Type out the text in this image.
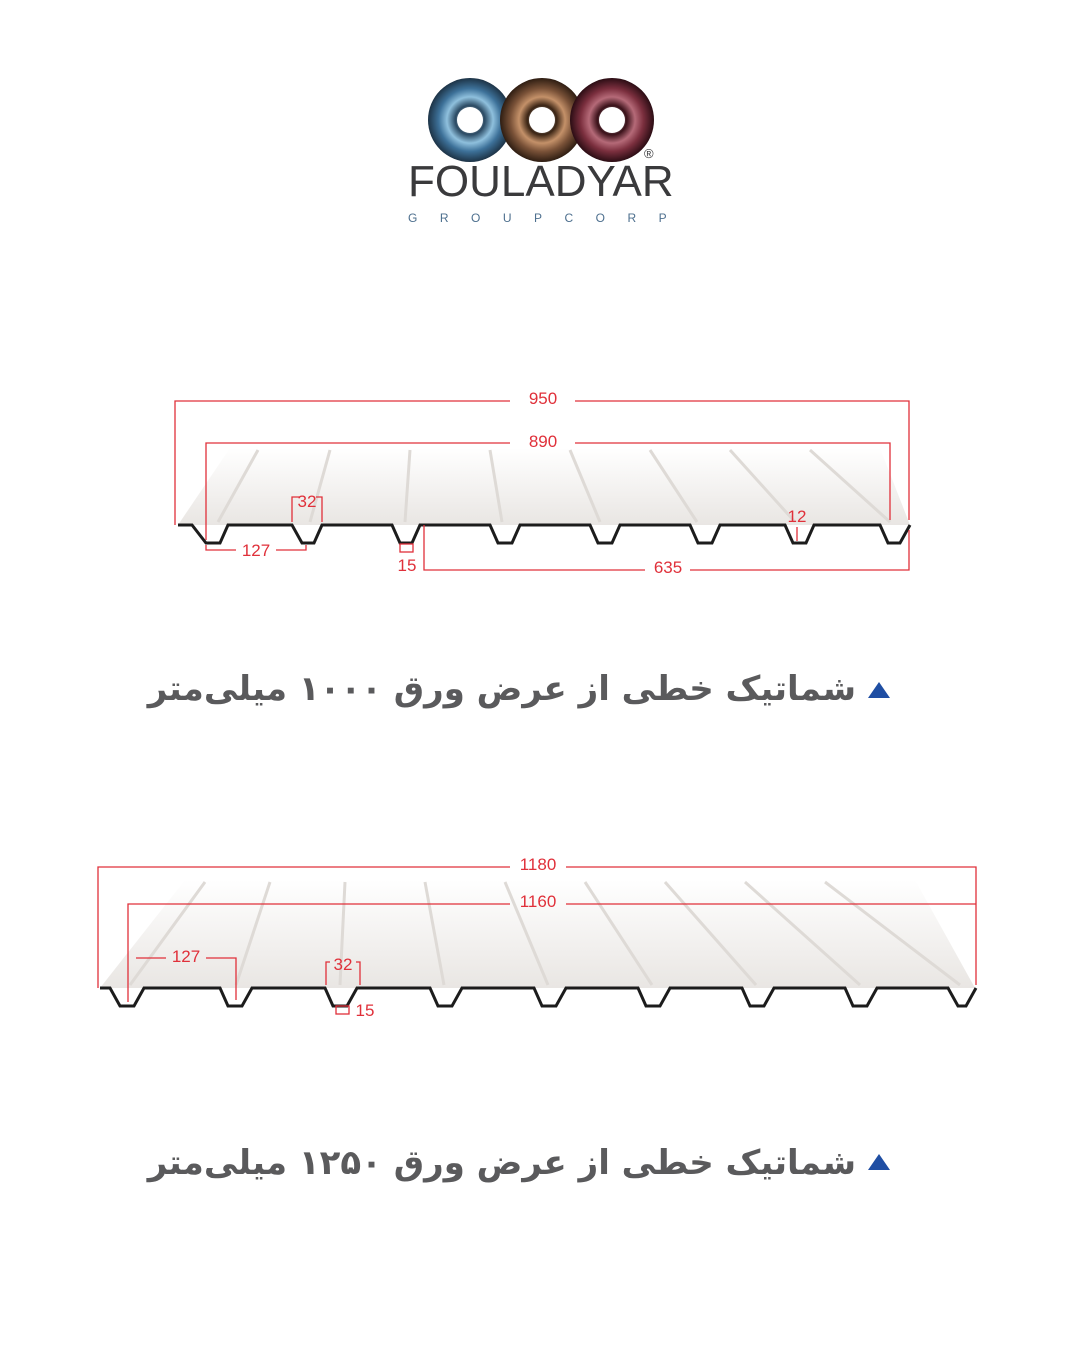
FOULADYAR
®
GROUPCORP
950
890
127
32
15
12
635
شماتیک خطی از عرض ورق ۱۰۰۰ میلی‌متر
1180
1160
127	32
15
شماتیک خطی از عرض ورق ۱۲۵۰ میلی‌متر
